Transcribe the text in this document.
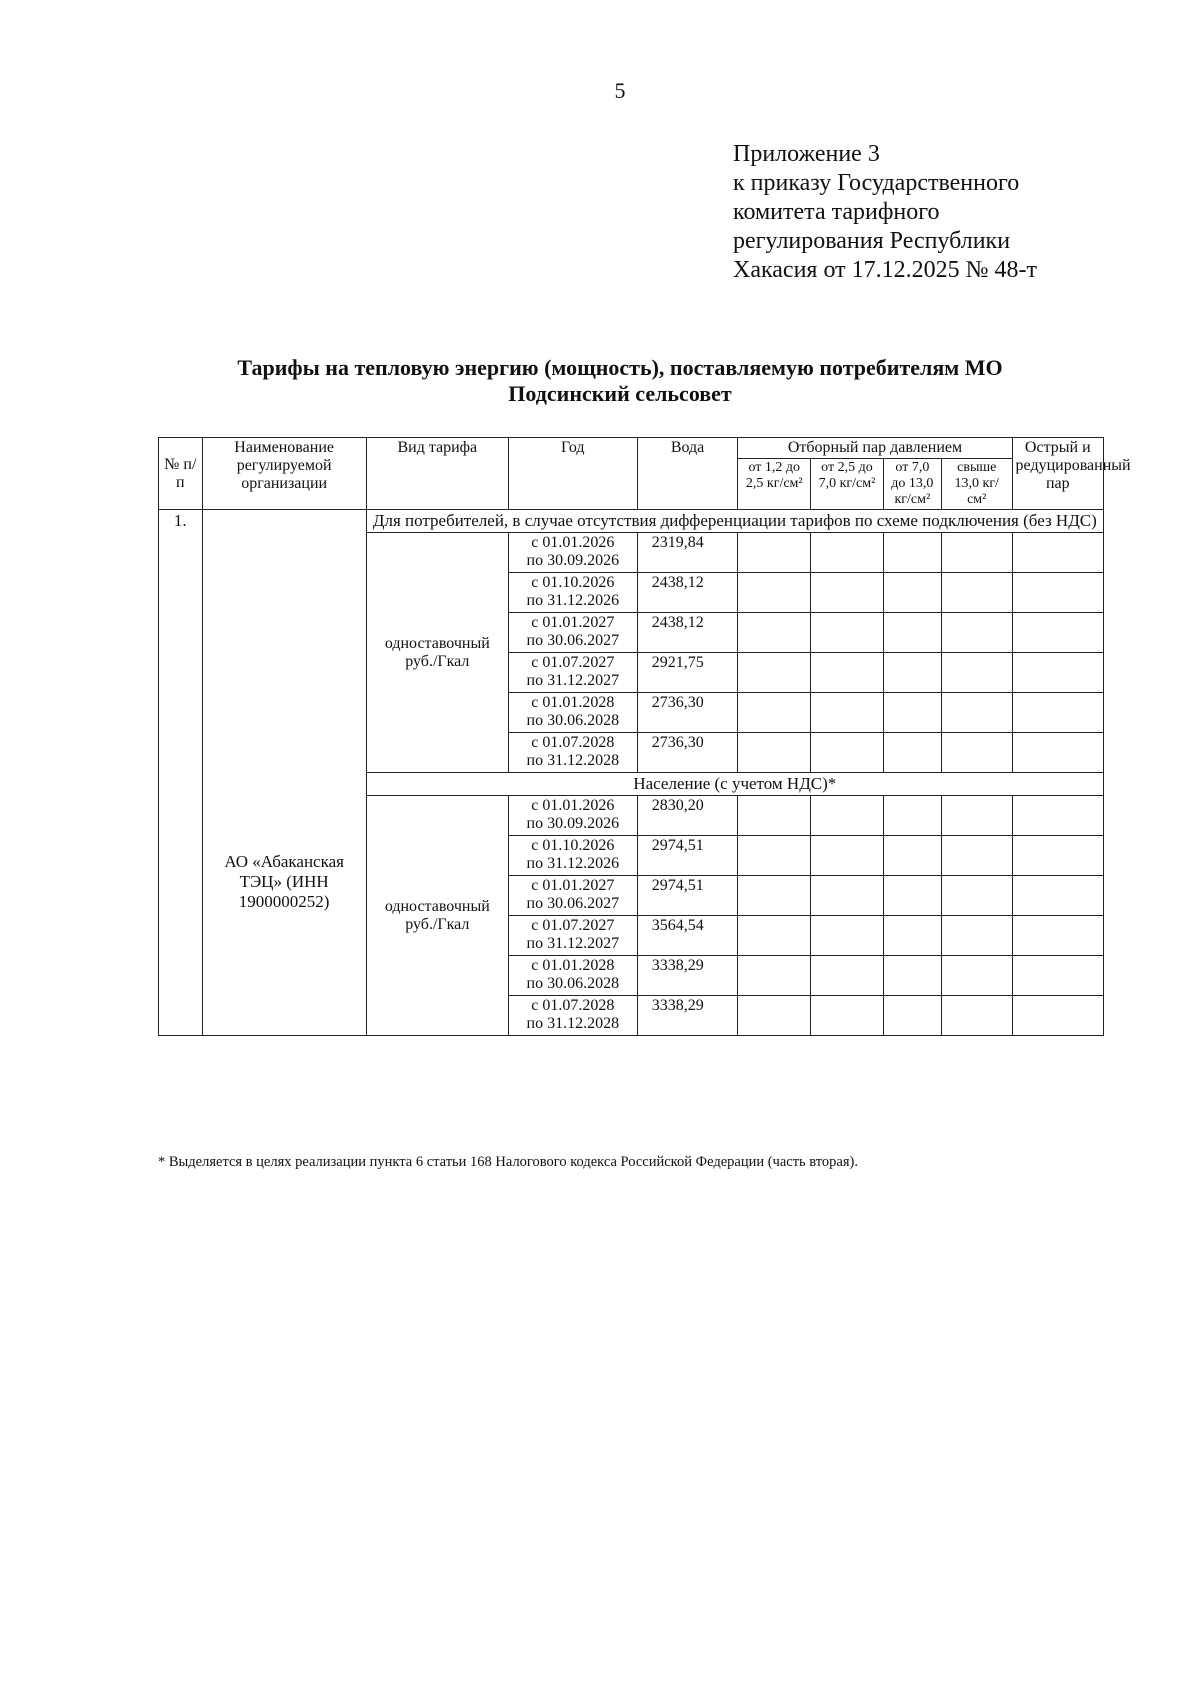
5
Приложение 3
к приказу Государственного
комитета тарифного
регулирования Республики
Хакасия от 17.12.2025 № 48-т
Тарифы на тепловую энергию (мощность), поставляемую потребителям МО
Подсинский сельсовет
№ п/п	Наименование регулируемой организации	Вид тарифа	Год	Вода	Отборный пар давлением				Острый и редуцированный пар
					от 1,2 до 2,5 кг/см²	от 2,5 до 7,0 кг/см²	от 7,0 до 13,0 кг/см²	свыше 13,0 кг/см²	
1.	АО «Абаканская ТЭЦ» (ИНН 1900000252)	Для потребителей, в случае отсутствия дифференциации тарифов по схеме подключения (без НДС)							
		одноставочный руб./Гкал	с 01.01.2026
по 30.09.2026	2319,84					

			с 01.10.2026
по 31.12.2026	2438,12					

			с 01.01.2027
по 30.06.2027	2438,12					

			с 01.07.2027
по 31.12.2027	2921,75					

			с 01.01.2028
по 30.06.2028	2736,30					

			с 01.07.2028
по 31.12.2028	2736,30					
		Население (с учетом НДС)*							
		одноставочный руб./Гкал	с 01.01.2026
по 30.09.2026	2830,20					

			с 01.10.2026
по 31.12.2026	2974,51					

			с 01.01.2027
по 30.06.2027	2974,51					

			с 01.07.2027
по 31.12.2027	3564,54					

			с 01.01.2028
по 30.06.2028	3338,29					

			с 01.07.2028
по 31.12.2028	3338,29					
* Выделяется в целях реализации пункта 6 статьи 168 Налогового кодекса Российской Федерации (часть вторая).
